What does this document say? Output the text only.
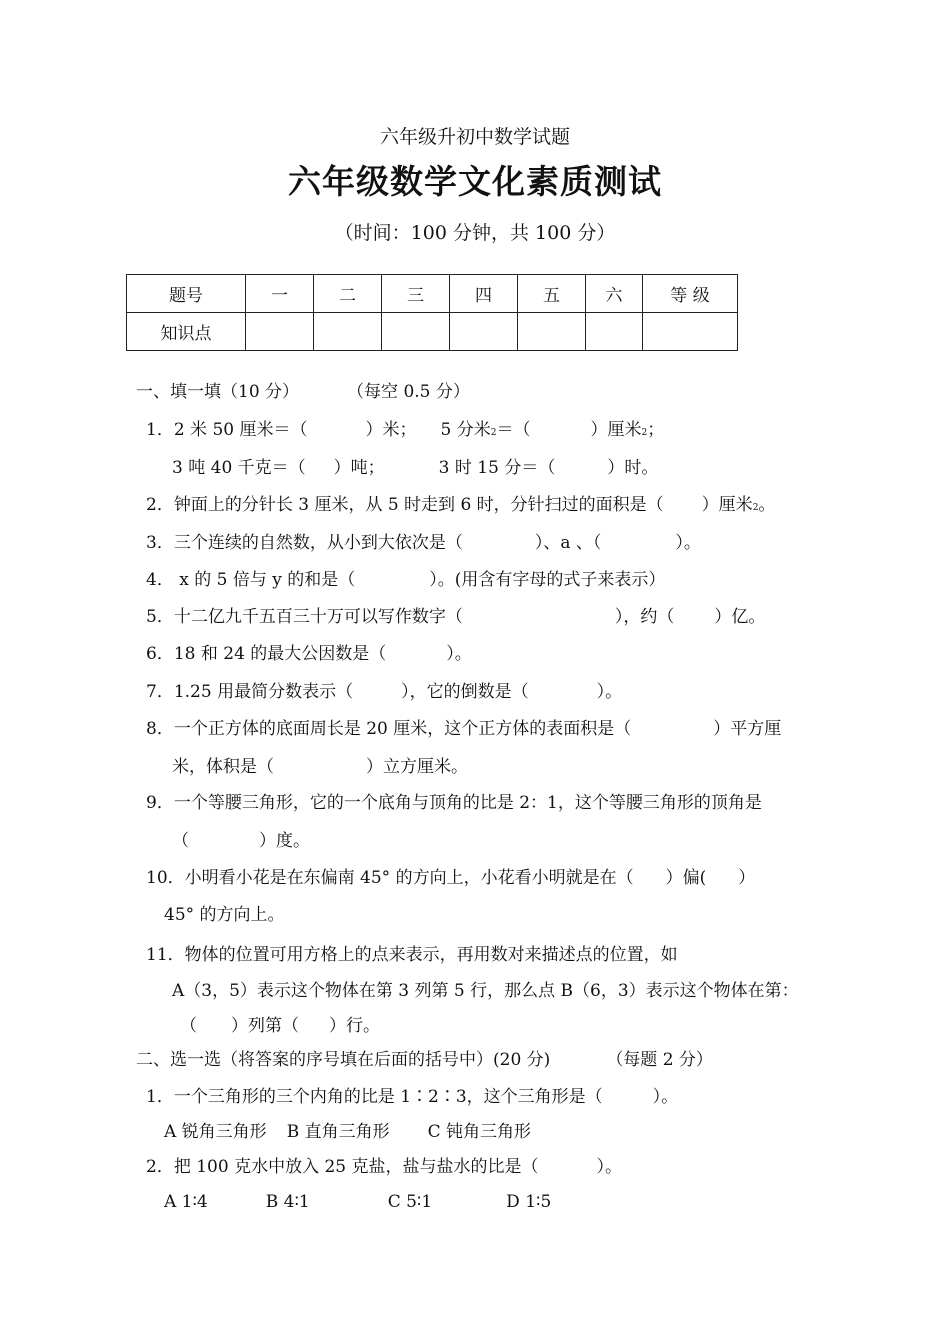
六年级升初中数学试题
六年级数学文化素质测试
（时间：100 分钟，共 100 分）
题号	一	二	三	四	五	六	等 级
知识点							
一、填一填（10 分）	（每空 0.5 分）
1．2 米 50 厘米＝（	）米； 5 分米2＝（	）厘米2；
3 吨 40 千克＝（ ）吨；	3 时 15 分＝（	）时。
2．钟面上的分针长 3 厘米，从 5 时走到 6 时，分针扫过的面积是（ ）厘米2。
3．三个连续的自然数，从小到大依次是（	）、a 、（	）。
4． x 的 5 倍与 y 的和是（	）。(用含有字母的式子来表示）
5．十二亿九千五百三十万可以写作数字（	），约（ ）亿。
6．18 和 24 的最大公因数是（	）。
7．1.25 用最简分数表示（	），它的倒数是（	）。
8．一个正方体的底面周长是 20 厘米，这个正方体的表面积是（	）平方厘
米，体积是（	）立方厘米。
9．一个等腰三角形，它的一个底角与顶角的比是 2：1，这个等腰三角形的顶角是
（	）度。
10．小明看小花是在东偏南 45° 的方向上，小花看小明就是在（ ）偏( ）
45° 的方向上。
11．物体的位置可用方格上的点来表示，再用数对来描述点的位置，如
A（3，5）表示这个物体在第 3 列第 5 行，那么点 B（6，3）表示这个物体在第：
（ ）列第（ ）行。
二、选一选（将答案的序号填在后面的括号中）(20 分)	（每题 2 分）
1．一个三角形的三个内角的比是 1∶2∶3，这个三角形是（	）。
A 锐角三角形 B 直角三角形 C 钝角三角形
2．把 100 克水中放入 25 克盐，盐与盐水的比是（	）。
A 1∶4	B 4∶1	C 5∶1	D 1∶5
